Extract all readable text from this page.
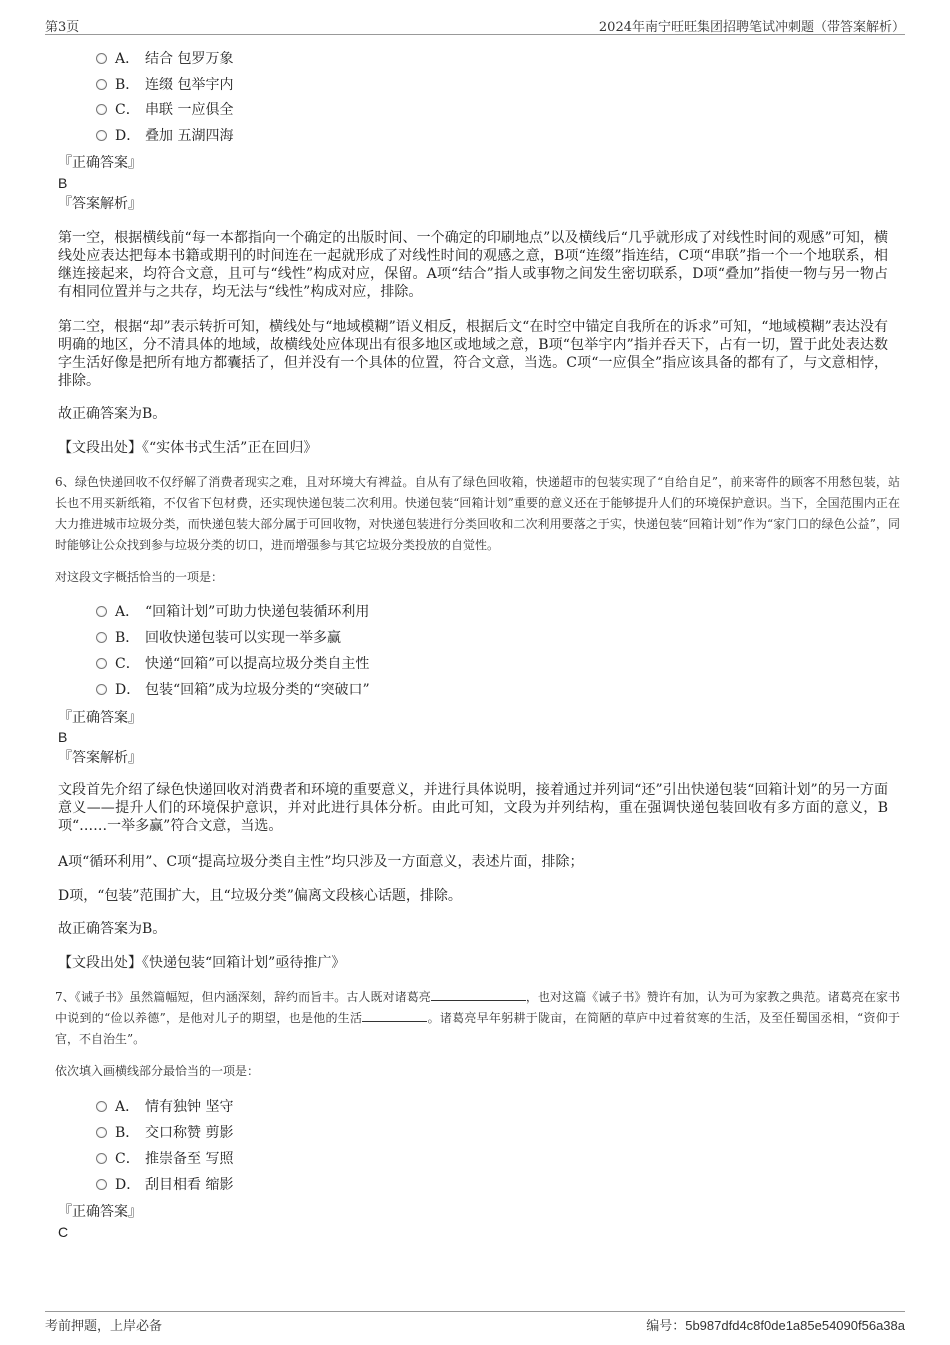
第3页	2024年南宁旺旺集团招聘笔试冲刺题（带答案解析）
A． 结合 包罗万象
B． 连缀 包举宇内
C． 串联 一应俱全
D． 叠加 五湖四海
『正确答案』
B
『答案解析』

第一空，根据横线前“每一本都指向一个确定的出版时间、一个确定的印刷地点”以及横线后“几乎就形成了对线性时间的观感”可知，横线处应表达把每本书籍或期刊的时间连在一起就形成了对线性时间的观感之意，B项“连缀”指连结，C项“串联”指一个一个地联系，相继连接起来，均符合文意，且可与“线性”构成对应，保留。A项“结合”指人或事物之间发生密切联系，D项“叠加”指使一物与另一物占有相同位置并与之共存，均无法与“线性”构成对应，排除。

第二空，根据“却”表示转折可知，横线处与“地域模糊”语义相反，根据后文“在时空中锚定自我所在的诉求”可知，“地域模糊”表达没有明确的地区，分不清具体的地域，故横线处应体现出有很多地区或地域之意，B项“包举宇内”指并吞天下，占有一切，置于此处表达数字生活好像是把所有地方都囊括了，但并没有一个具体的位置，符合文意，当选。C项“一应俱全”指应该具备的都有了，与文意相悖，排除。

故正确答案为B。

【文段出处】《“实体书式生活”正在回归》

6、绿色快递回收不仅纾解了消费者现实之难，且对环境大有裨益。自从有了绿色回收箱，快递超市的包装实现了“自给自足”，前来寄件的顾客不用愁包装，站长也不用买新纸箱，不仅省下包材费，还实现快递包装二次利用。快递包装“回箱计划”重要的意义还在于能够提升人们的环境保护意识。当下，全国范围内正在大力推进城市垃圾分类，而快递包装大部分属于可回收物，对快递包装进行分类回收和二次利用要落之于实，快递包装“回箱计划”作为“家门口的绿色公益”，同时能够让公众找到参与垃圾分类的切口，进而增强参与其它垃圾分类投放的自觉性。

对这段文字概括恰当的一项是：
A． “回箱计划”可助力快递包装循环利用
B． 回收快递包装可以实现一举多赢
C． 快递“回箱”可以提高垃圾分类自主性
D． 包装“回箱”成为垃圾分类的“突破口”
『正确答案』
B
『答案解析』

文段首先介绍了绿色快递回收对消费者和环境的重要意义，并进行具体说明，接着通过并列词“还”引出快递包装“回箱计划”的另一方面意义——提升人们的环境保护意识，并对此进行具体分析。由此可知，文段为并列结构，重在强调快递包装回收有多方面的意义，B项“……一举多赢”符合文意，当选。

A项“循环利用”、C项“提高垃圾分类自主性”均只涉及一方面意义，表述片面，排除；

D项，“包装”范围扩大，且“垃圾分类”偏离文段核心话题，排除。

故正确答案为B。

【文段出处】《快递包装“回箱计划”亟待推广》

7、《诫子书》虽然篇幅短，但内涵深刻，辞约而旨丰。古人既对诸葛亮	，也对这篇《诫子书》赞许有加，认为可为家教之典范。诸葛亮在家书中说到的“俭以养德”，是他对儿子的期望，也是他的生活	。诸葛亮早年躬耕于陇亩，在简陋的草庐中过着贫寒的生活，及至任蜀国丞相，“资仰于官，不自治生”。

依次填入画横线部分最恰当的一项是：
A． 情有独钟 坚守
B． 交口称赞 剪影
C． 推崇备至 写照
D． 刮目相看 缩影
『正确答案』
C
考前押题，上岸必备	编号：5b987dfd4c8f0de1a85e54090f56a38a
